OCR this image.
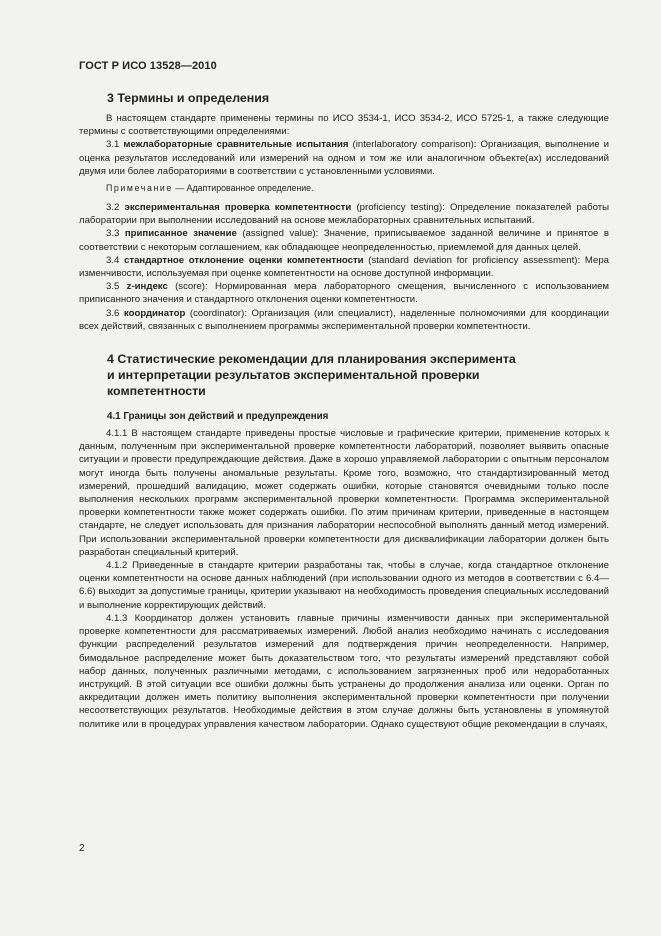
ГОСТ Р ИСО 13528—2010
3 Термины и определения

В настоящем стандарте применены термины по ИСО 3534-1, ИСО 3534-2, ИСО 5725-1, а также следующие термины с соответствующими определениями:

3.1 межлабораторные сравнительные испытания (interlaboratory comparison): Организация, выполнение и оценка результатов исследований или измерений на одном и том же или аналогичном объекте(ах) исследований двумя или более лабораториями в соответствии с установленными условиями.

Примечание — Адаптированное определение.

3.2 экспериментальная проверка компетентности (proficiency testing): Определение показателей работы лаборатории при выполнении исследований на основе межлабораторных сравнительных испытаний.

3.3 приписанное значение (assigned value): Значение, приписываемое заданной величине и принятое в соответствии с некоторым соглашением, как обладающее неопределенностью, приемлемой для данных целей.

3.4 стандартное отклонение оценки компетентности (standard deviation for proficiency assessment): Мера изменчивости, используемая при оценке компетентности на основе доступной информации.

3.5 z-индекс (score): Нормированная мера лабораторного смещения, вычисленного с использованием приписанного значения и стандартного отклонения оценки компетентности.

3.6 координатор (coordinator): Организация (или специалист), наделенные полномочиями для координации всех действий, связанных с выполнением программы экспериментальной проверки компетентности.

4 Статистические рекомендации для планирования эксперимента
и интерпретации результатов экспериментальной проверки
компетентности
4.1 Границы зон действий и предупреждения

4.1.1 В настоящем стандарте приведены простые числовые и графические критерии, применение которых к данным, полученным при экспериментальной проверке компетентности лабораторий, позволяет выявить опасные ситуации и провести предупреждающие действия. Даже в хорошо управляемой лаборатории с опытным персоналом могут иногда быть получены аномальные результаты. Кроме того, возможно, что стандартизированный метод измерений, прошедший валидацию, может содержать ошибки, которые становятся очевидными только после выполнения нескольких программ экспериментальной проверки компетентности. Программа экспериментальной проверки компетентности также может содержать ошибки. По этим причинам критерии, приведенные в настоящем стандарте, не следует использовать для признания лаборатории неспособной выполнять данный метод измерений. При использовании экспериментальной проверки компетентности для дисквалификации лаборатории должен быть разработан специальный критерий.

4.1.2 Приведенные в стандарте критерии разработаны так, чтобы в случае, когда стандартное отклонение оценки компетентности на основе данных наблюдений (при использовании одного из методов в соответствии с 6.4—6.6) выходит за допустимые границы, критерии указывают на необходимость проведения специальных исследований и выполнение корректирующих действий.

4.1.3 Координатор должен установить главные причины изменчивости данных при экспериментальной проверке компетентности для рассматриваемых измерений. Любой анализ необходимо начинать с исследования функции распределений результатов измерений для подтверждения причин неопределенности. Например, бимодальное распределение может быть доказательством того, что результаты измерений представляют собой набор данных, полученных различными методами, с использованием загрязненных проб или недоработанных инструкций. В этой ситуации все ошибки должны быть устранены до продолжения анализа или оценки. Орган по аккредитации должен иметь политику выполнения экспериментальной проверки компетентности при получении несоответствующих результатов. Необходимые действия в этом случае должны быть установлены в упомянутой политике или в процедурах управления качеством лаборатории. Однако существуют общие рекомендации в случаях,

2
